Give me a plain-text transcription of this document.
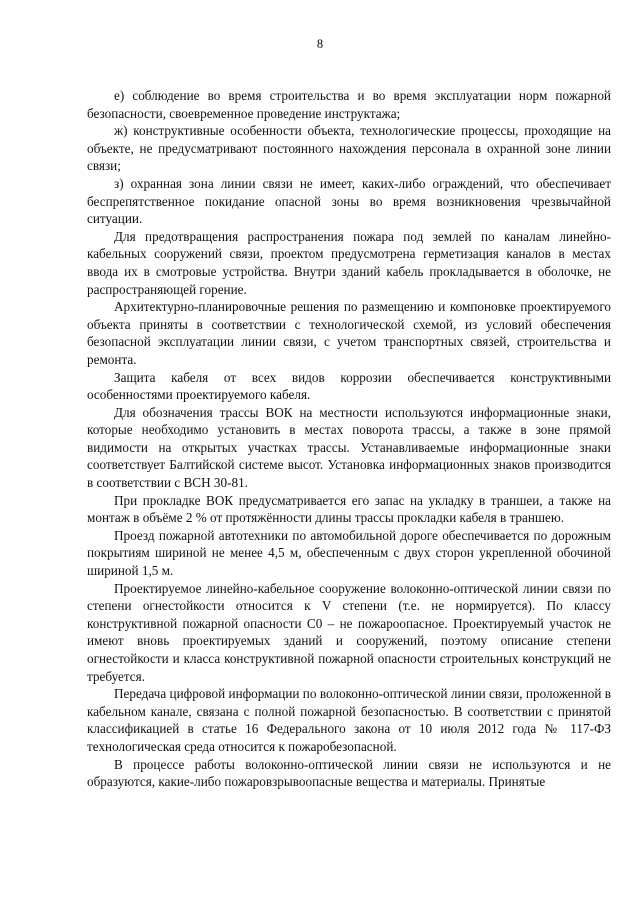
8

е) соблюдение во время строительства и во время эксплуатации норм пожарной безопасности, своевременное проведение инструктажа;

ж) конструктивные особенности объекта, технологические процессы, проходящие на объекте, не предусматривают постоянного нахождения персонала в охранной зоне линии связи;

з) охранная зона линии связи не имеет, каких-либо ограждений, что обеспечивает беспрепятственное покидание опасной зоны во время возникновения чрезвычайной ситуации.

Для предотвращения распространения пожара под землей по каналам линейно-кабельных сооружений связи, проектом предусмотрена герметизация каналов в местах ввода их в смотровые устройства. Внутри зданий кабель прокладывается в оболочке, не распространяющей горение.

Архитектурно-планировочные решения по размещению и компоновке проектируемого объекта приняты в соответствии с технологической схемой, из условий обеспечения безопасной эксплуатации линии связи, с учетом транспортных связей, строительства и ремонта.

Защита кабеля от всех видов коррозии обеспечивается конструктивными особенностями проектируемого кабеля.

Для обозначения трассы ВОК на местности используются информационные знаки, которые необходимо установить в местах поворота трассы, а также в зоне прямой видимости на открытых участках трассы. Устанавливаемые информационные знаки соответствует Балтийской системе высот. Установка информационных знаков производится в соответствии с ВСН 30-81.

При прокладке ВОК предусматривается его запас на укладку в траншеи, а также на монтаж в объёме 2 % от протяжённости длины трассы прокладки кабеля в траншею.

Проезд пожарной автотехники по автомобильной дороге обеспечивается по дорожным покрытиям шириной не менее 4,5 м, обеспеченным с двух сторон укрепленной обочиной шириной 1,5 м.

Проектируемое линейно-кабельное сооружение волоконно-оптической линии связи по степени огнестойкости относится к V степени (т.е. не нормируется). По классу конструктивной пожарной опасности С0 – не пожароопасное. Проектируемый участок не имеют вновь проектируемых зданий и сооружений, поэтому описание степени огнестойкости и класса конструктивной пожарной опасности строительных конструкций не требуется.

Передача цифровой информации по волоконно-оптической линии связи, проложенной в кабельном канале, связана с полной пожарной безопасностью. В соответствии с принятой классификацией в статье 16 Федерального закона от 10 июля 2012 года № 117-ФЗ технологическая среда относится к пожаробезопасной.

В процессе работы волоконно-оптической линии связи не используются и не образуются, какие-либо пожаровзрывоопасные вещества и материалы. Принятые
